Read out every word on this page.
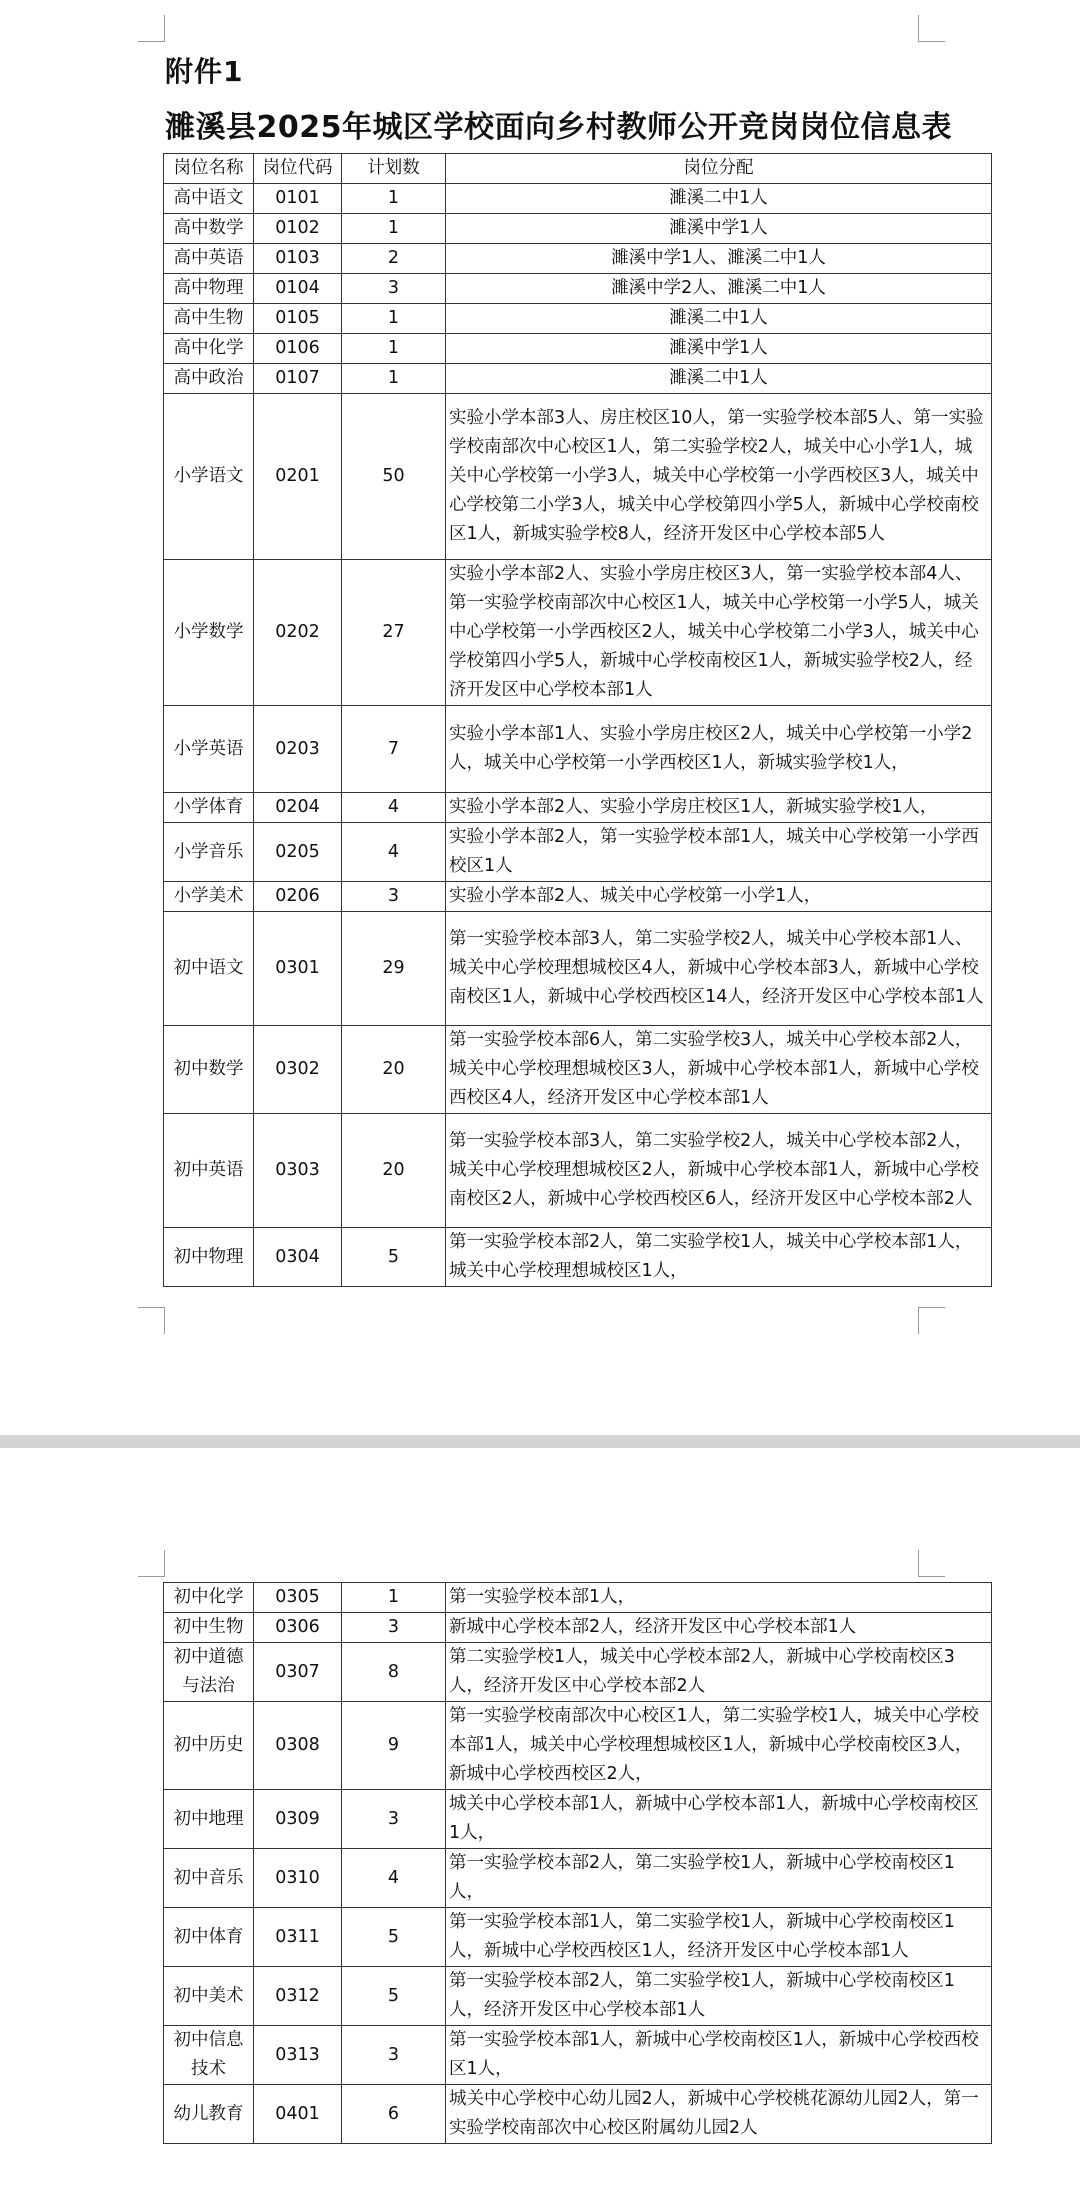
附件1
濉溪县2025年城区学校面向乡村教师公开竞岗岗位信息表
岗位名称	岗位代码	计划数	岗位分配
高中语文	0101	1	濉溪二中1人
高中数学	0102	1	濉溪中学1人
高中英语	0103	2	濉溪中学1人、濉溪二中1人
高中物理	0104	3	濉溪中学2人、濉溪二中1人
高中生物	0105	1	濉溪二中1人
高中化学	0106	1	濉溪中学1人
高中政治	0107	1	濉溪二中1人
小学语文	0201	50	实验小学本部3人、房庄校区10人，第一实验学校本部5人、第一实验学校南部次中心校区1人，第二实验学校2人，城关中心小学1人，城关中心学校第一小学3人，城关中心学校第一小学西校区3人，城关中心学校第二小学3人，城关中心学校第四小学5人，新城中心学校南校区1人，新城实验学校8人，经济开发区中心学校本部5人
小学数学	0202	27	实验小学本部2人、实验小学房庄校区3人，第一实验学校本部4人、第一实验学校南部次中心校区1人，城关中心学校第一小学5人，城关中心学校第一小学西校区2人，城关中心学校第二小学3人，城关中心学校第四小学5人，新城中心学校南校区1人，新城实验学校2人，经济开发区中心学校本部1人
小学英语	0203	7	实验小学本部1人、实验小学房庄校区2人，城关中心学校第一小学2人，城关中心学校第一小学西校区1人，新城实验学校1人，
小学体育	0204	4	实验小学本部2人、实验小学房庄校区1人，新城实验学校1人，
小学音乐	0205	4	实验小学本部2人，第一实验学校本部1人，城关中心学校第一小学西校区1人
小学美术	0206	3	实验小学本部2人、城关中心学校第一小学1人，
初中语文	0301	29	第一实验学校本部3人，第二实验学校2人，城关中心学校本部1人、城关中心学校理想城校区4人，新城中心学校本部3人，新城中心学校南校区1人，新城中心学校西校区14人，经济开发区中心学校本部1人
初中数学	0302	20	第一实验学校本部6人，第二实验学校3人，城关中心学校本部2人，城关中心学校理想城校区3人，新城中心学校本部1人，新城中心学校西校区4人，经济开发区中心学校本部1人
初中英语	0303	20	第一实验学校本部3人，第二实验学校2人，城关中心学校本部2人，城关中心学校理想城校区2人，新城中心学校本部1人，新城中心学校南校区2人，新城中心学校西校区6人，经济开发区中心学校本部2人
初中物理	0304	5	第一实验学校本部2人，第二实验学校1人，城关中心学校本部1人，城关中心学校理想城校区1人，
初中化学	0305	1	第一实验学校本部1人，
初中生物	0306	3	新城中心学校本部2人，经济开发区中心学校本部1人
初中道德与法治	0307	8	第二实验学校1人，城关中心学校本部2人，新城中心学校南校区3人，经济开发区中心学校本部2人
初中历史	0308	9	第一实验学校南部次中心校区1人，第二实验学校1人，城关中心学校本部1人，城关中心学校理想城校区1人，新城中心学校南校区3人，新城中心学校西校区2人，
初中地理	0309	3	城关中心学校本部1人，新城中心学校本部1人，新城中心学校南校区1人，
初中音乐	0310	4	第一实验学校本部2人，第二实验学校1人，新城中心学校南校区1人，
初中体育	0311	5	第一实验学校本部1人，第二实验学校1人，新城中心学校南校区1人，新城中心学校西校区1人，经济开发区中心学校本部1人
初中美术	0312	5	第一实验学校本部2人，第二实验学校1人，新城中心学校南校区1人，经济开发区中心学校本部1人
初中信息技术	0313	3	第一实验学校本部1人，新城中心学校南校区1人，新城中心学校西校区1人，
幼儿教育	0401	6	城关中心学校中心幼儿园2人，新城中心学校桃花源幼儿园2人，第一实验学校南部次中心校区附属幼儿园2人
